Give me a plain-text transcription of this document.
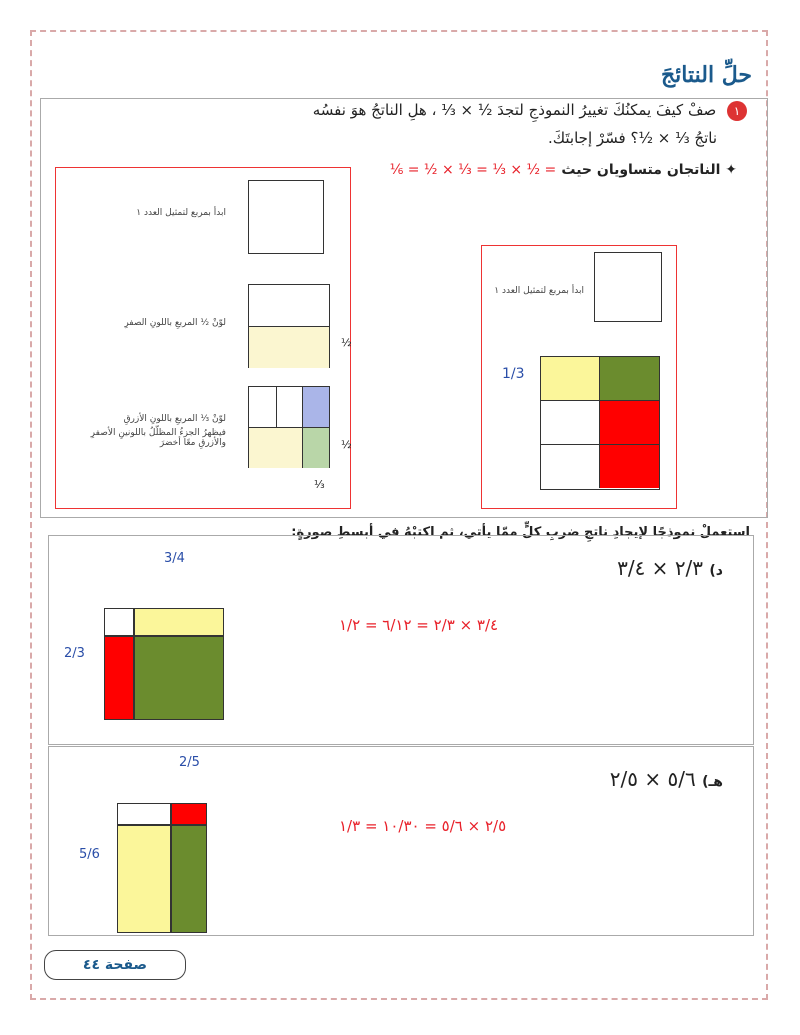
حلِّ النتائجَ
١ صفْ كيفَ يمكنُكَ تغييرُ النموذجِ لتجدَ ½ × ⅓ ، هلِ الناتجُ هوَ نفسُه
ناتجُ ⅓ × ½؟ فسّرْ إجابتَكَ.
✦ الناتجان متساويان حيث = ½ × ⅓ = ⅓ × ½ = ⅙
ابدأ بمربع لتمثيل العدد ١
لوّنْ ½ المربعِ باللونِ الصفرِ
½
لوّنْ ⅓ المربعِ باللونِ الأزرقِ
فيظهرُ الجزءُ المظلّلُ باللونينِ الأصفرِ والأزرقِ معًا أخضرَ	½
⅓
ابدأ بمربع لتمثيل العدد ١
1/3
استعملْ نموذجًا لإيجادِ ناتجِ ضربِ كلٍّ ممّا يأتي، ثم اكتبْهُ في أبسطِ صورةٍ:
د) ٢/٣ × ٣/٤
٣/٤ × ٢/٣ = ٦/١٢ = ١/٢
3/4
2/3
هـ) ٥/٦ × ٢/٥
٢/٥ × ٥/٦ = ١٠/٣٠ = ١/٣
2/5
5/6
صفحة ٤٤
